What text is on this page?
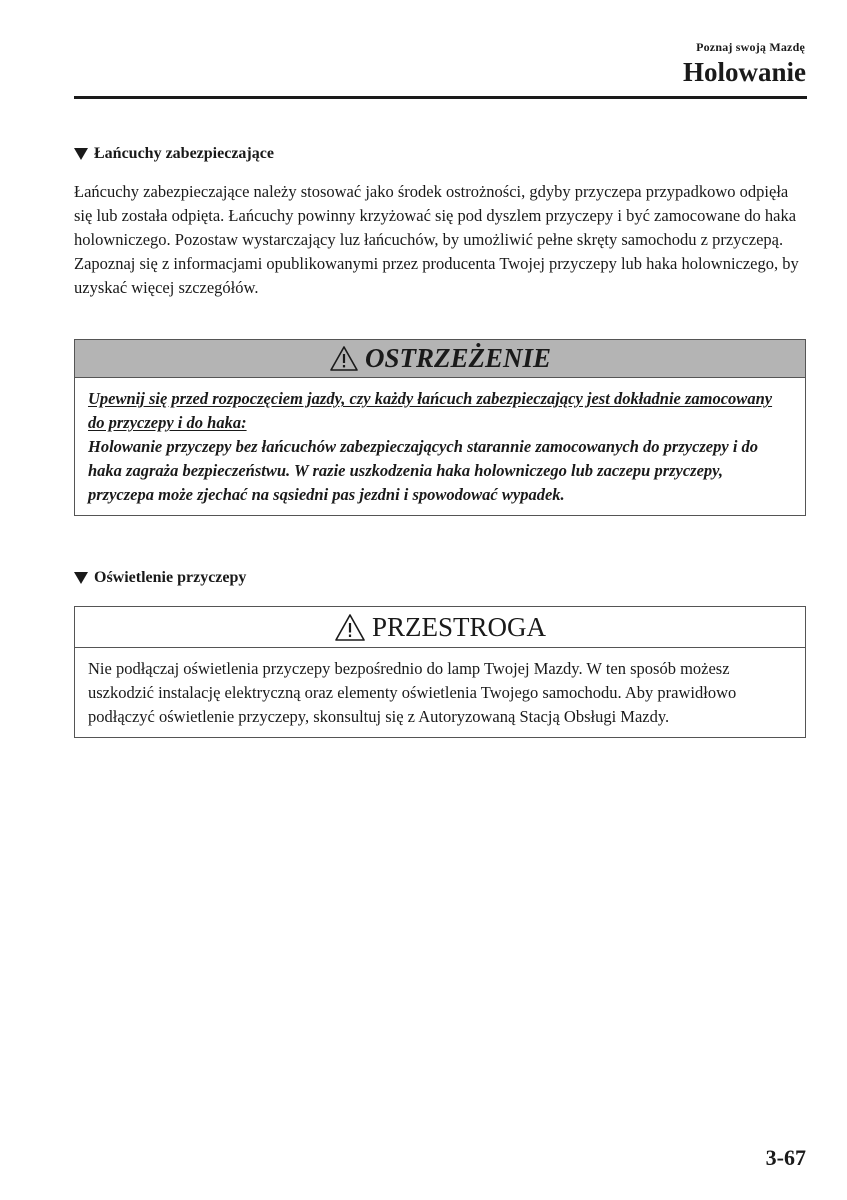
Poznaj swoją Mazdę
Holowanie
Łańcuchy zabezpieczające
Łańcuchy zabezpieczające należy stosować jako środek ostrożności, gdyby przyczepa przypadkowo odpięła się lub została odpięta. Łańcuchy powinny krzyżować się pod dyszlem przyczepy i być zamocowane do haka holowniczego. Pozostaw wystarczający luz łańcuchów, by umożliwić pełne skręty samochodu z przyczepą. Zapoznaj się z informacjami opublikowanymi przez producenta Twojej przyczepy lub haka holowniczego, by uzyskać więcej szczegółów.
OSTRZEŻENIE
Upewnij się przed rozpoczęciem jazdy, czy każdy łańcuch zabezpieczający jest dokładnie zamocowany do przyczepy i do haka:
Holowanie przyczepy bez łańcuchów zabezpieczających starannie zamocowanych do przyczepy i do haka zagraża bezpieczeństwu. W razie uszkodzenia haka holowniczego lub zaczepu przyczepy, przyczepa może zjechać na sąsiedni pas jezdni i spowodować wypadek.
Oświetlenie przyczepy
PRZESTROGA
Nie podłączaj oświetlenia przyczepy bezpośrednio do lamp Twojej Mazdy. W ten sposób możesz uszkodzić instalację elektryczną oraz elementy oświetlenia Twojego samochodu. Aby prawidłowo podłączyć oświetlenie przyczepy, skonsultuj się z Autoryzowaną Stacją Obsługi Mazdy.
3-67
